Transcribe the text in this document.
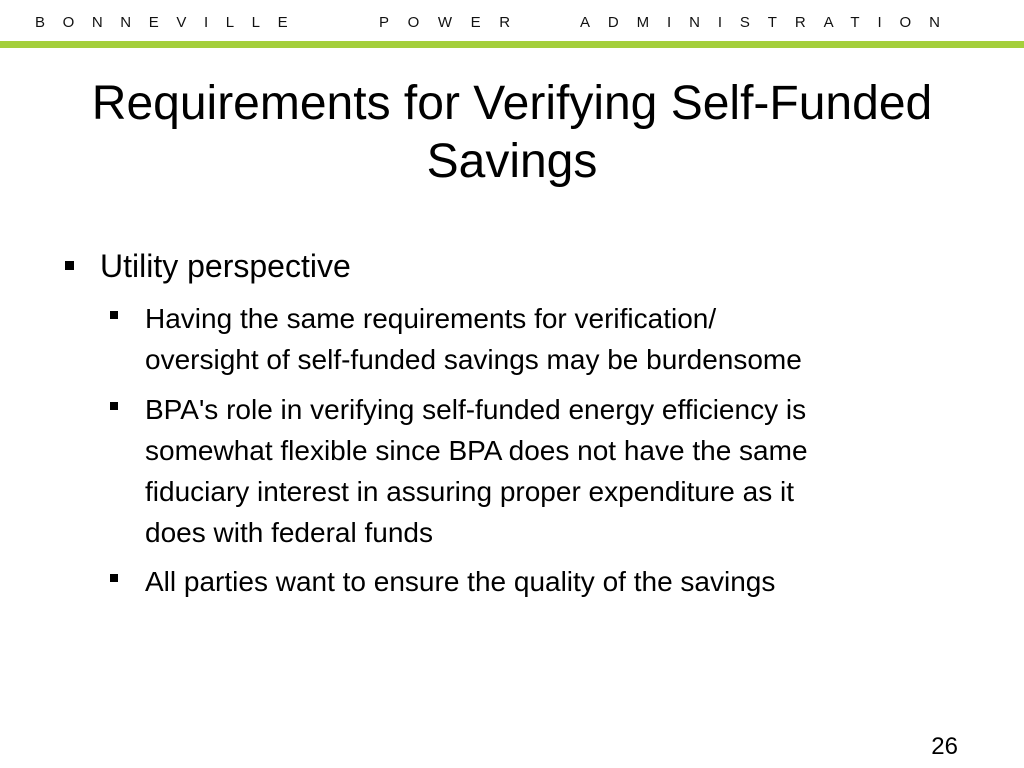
BONNEVILLE	POWER	ADMINISTRATION
Requirements for Verifying Self-Funded
Savings
Utility perspective
Having the same requirements for verification/
oversight of self-funded savings may be burdensome
BPA's role in verifying self-funded energy efficiency is
somewhat flexible since BPA does not have the same
fiduciary interest in assuring proper expenditure as it
does with federal funds
All parties want to ensure the quality of the savings
26
